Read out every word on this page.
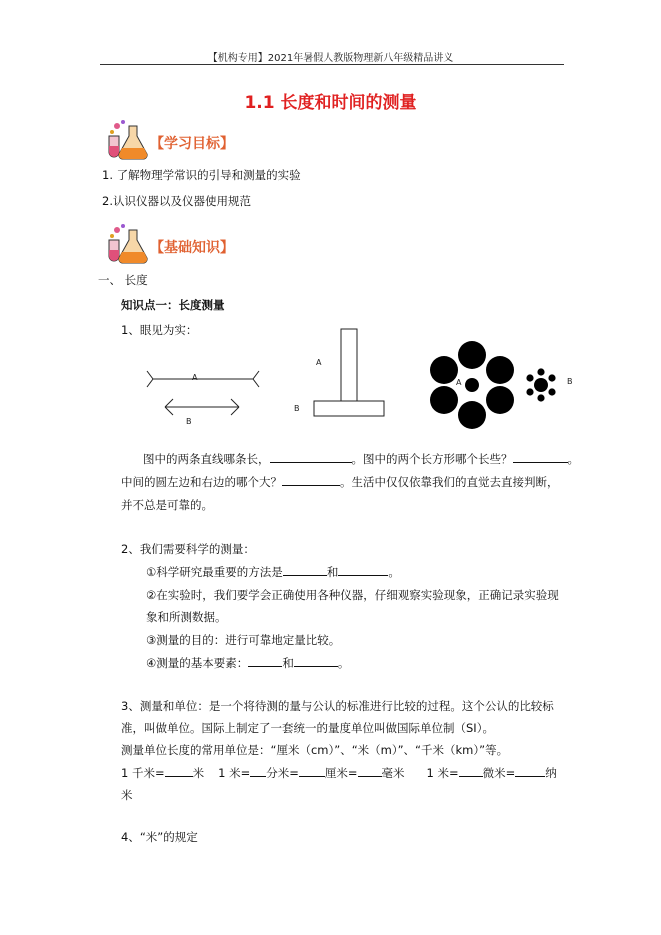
【机构专用】2021年暑假人教版物理新八年级精品讲义
1.1 长度和时间的测量
【学习目标】
1. 了解物理学常识的引导和测量的实验
2.认识仪器以及仪器使用规范
【基础知识】
一、 长度
知识点一：长度测量
1、眼见为实：
A
B
A
B
A	B
图中的两条直线哪条长，	。图中的两个长方形哪个长些？	。
中间的圆左边和右边的哪个大？	。生活中仅仅依靠我们的直觉去直接判断，
并不总是可靠的。
2、我们需要科学的测量：
①科学研究最重要的方法是	和	。
②在实验时，我们要学会正确使用各种仪器，仔细观察实验现象，正确记录实验现
象和所测数据。
③测量的目的：进行可靠地定量比较。
④测量的基本要素：	和	。
3、测量和单位：是一个将待测的量与公认的标准进行比较的过程。这个公认的比较标
准，叫做单位。国际上制定了一套统一的量度单位叫做国际单位制（SI）。
测量单位长度的常用单位是：“厘米（cm）”、“米（m）”、“千米（km）”等。
1 千米= 米 1 米= 分米= 厘米= 毫米 1 米= 微米=	纳
米
4、“米”的规定
